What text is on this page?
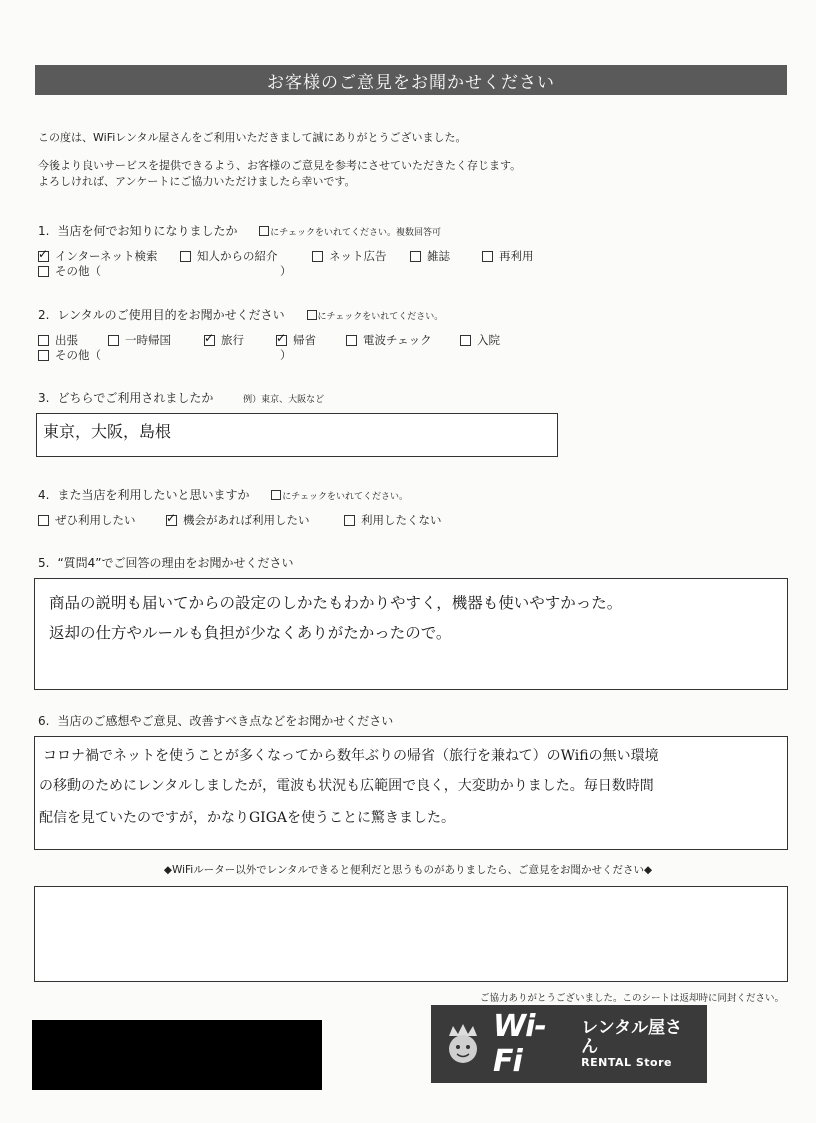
お客様のご意見をお聞かせください
この度は、WiFiレンタル屋さんをご利用いただきまして誠にありがとうございました。
今後より良いサービスを提供できるよう、お客様のご意見を参考にさせていただきたく存じます。
よろしければ、アンケートにご協力いただけましたら幸いです。
1. 当店を何でお知りになりましたか	にチェックをいれてください。複数回答可
✓
インターネット検索	知人からの紹介	ネット広告	雑誌	再利用
その他（	）
2. レンタルのご使用目的をお聞かせください	にチェックをいれてください。
出張	一時帰国 ✓	旅行 ✓	帰省	電波チェック	入院
その他（	）
3. どちらでご利用されましたか	例）東京、大阪など
東京，大阪，島根
4. また当店を利用したいと思いますか	にチェックをいれてください。
ぜひ利用したい ✓	機会があれば利用したい	利用したくない
5. “質問4”でご回答の理由をお聞かせください
商品の説明も届いてからの設定のしかたもわかりやすく，機器も使いやすかった。
返却の仕方やルールも負担が少なくありがたかったので。
6. 当店のご感想やご意見、改善すべき点などをお聞かせください
コロナ禍でネットを使うことが多くなってから数年ぶりの帰省（旅行を兼ねて）のWifiの無い環境
の移動のためにレンタルしましたが，電波も状況も広範囲で良く，大変助かりました。毎日数時間
配信を見ていたのですが，かなりGIGAを使うことに驚きました。
◆WiFiルーター以外でレンタルできると便利だと思うものがありましたら、ご意見をお聞かせください◆
ご協力ありがとうございました。このシートは返却時に同封ください。
Wi-Fi
レンタル屋さん
RENTAL Store
